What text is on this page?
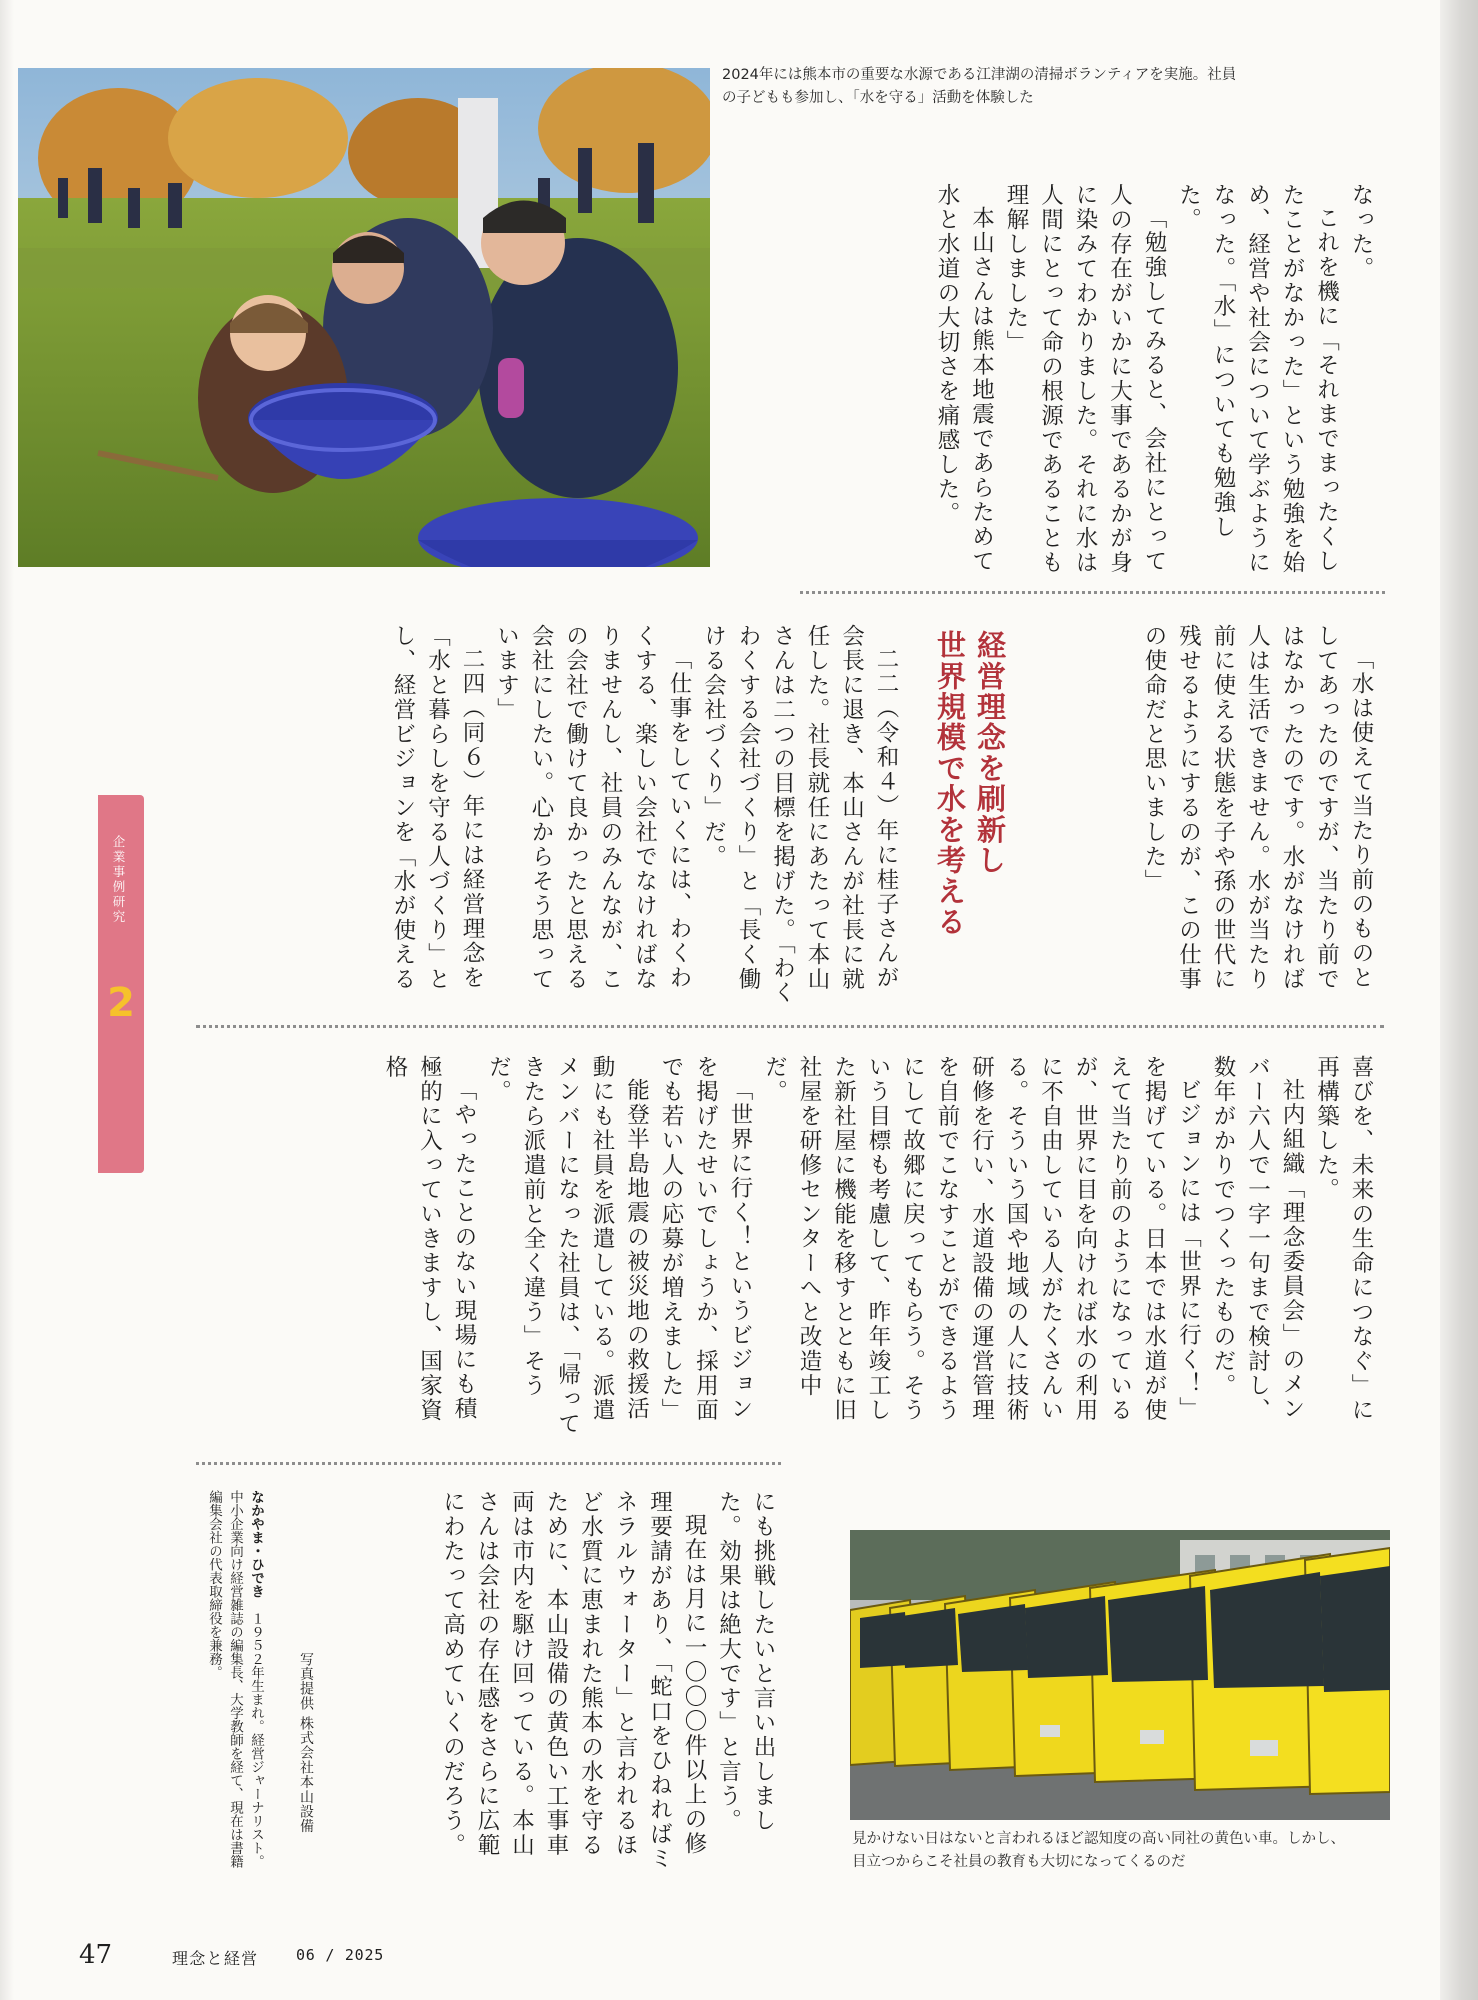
2024年には熊本市の重要な水源である江津湖の清掃ボランティアを実施。社員の子どもも参加し、「水を守る」活動を体験した

なった。

これを機に「それまでまったくしたことがなかった」という勉強を始め、経営や社会について学ぶようになった。「水」についても勉強した。

「勉強してみると、会社にとって人の存在がいかに大事であるかが身に染みてわかりました。それに水は人間にとって命の根源であることも理解しました」

本山さんは熊本地震であらためて水と水道の大切さを痛感した。

「水は使えて当たり前のものとしてあったのですが、当たり前ではなかったのです。水がなければ人は生活できません。水が当たり前に使える状態を子や孫の世代に残せるようにするのが、この仕事の使命だと思いました」

経営理念を刷新し
世界規模で水を考える

二二（令和４）年に桂子さんが会長に退き、本山さんが社長に就任した。社長就任にあたって本山さんは二つの目標を掲げた。「わくわくする会社づくり」と「長く働ける会社づくり」だ。

「仕事をしていくには、わくわくする、楽しい会社でなければなりませんし、社員のみんなが、この会社で働けて良かったと思える会社にしたい。心からそう思っています」

二四（同６）年には経営理念を「水と暮らしを守る人づくり」とし、経営ビジョンを「水が使える

企業事例研究
2

喜びを、未来の生命につなぐ」に再構築した。

社内組織「理念委員会」のメンバー六人で一字一句まで検討し、数年がかりでつくったものだ。

ビジョンには「世界に行く！」を掲げている。日本では水道が使えて当たり前のようになっているが、世界に目を向ければ水の利用に不自由している人がたくさんいる。そういう国や地域の人に技術研修を行い、水道設備の運営管理を自前でこなすことができるようにして故郷に戻ってもらう。そういう目標も考慮して、昨年竣工した新社屋に機能を移すとともに旧社屋を研修センターへと改造中だ。

「世界に行く！というビジョンを掲げたせいでしょうか、採用面でも若い人の応募が増えました」

能登半島地震の被災地の救援活動にも社員を派遣している。派遣メンバーになった社員は、「帰ってきたら派遣前と全く違う」そうだ。

「やったことのない現場にも積極的に入っていきますし、国家資格

にも挑戦したいと言い出しました。効果は絶大です」と言う。

現在は月に一〇〇〇件以上の修理要請があり、「蛇口をひねればミネラルウォーター」と言われるほど水質に恵まれた熊本の水を守るために、本山設備の黄色い工事車両は市内を駆け回っている。本山さんは会社の存在感をさらに広範にわたって高めていくのだろう。

写真提供 株式会社本山設備

なかやま・ひでき　１９５２年生まれ。経営ジャーナリスト。中小企業向け経営雑誌の編集長、大学教師を経て、現在は書籍編集会社の代表取締役を兼務。

見かけない日はないと言われるほど認知度の高い同社の黄色い車。しかし、目立つからこそ社員の教育も大切になってくるのだ

47	理念と経営	06 / 2025
